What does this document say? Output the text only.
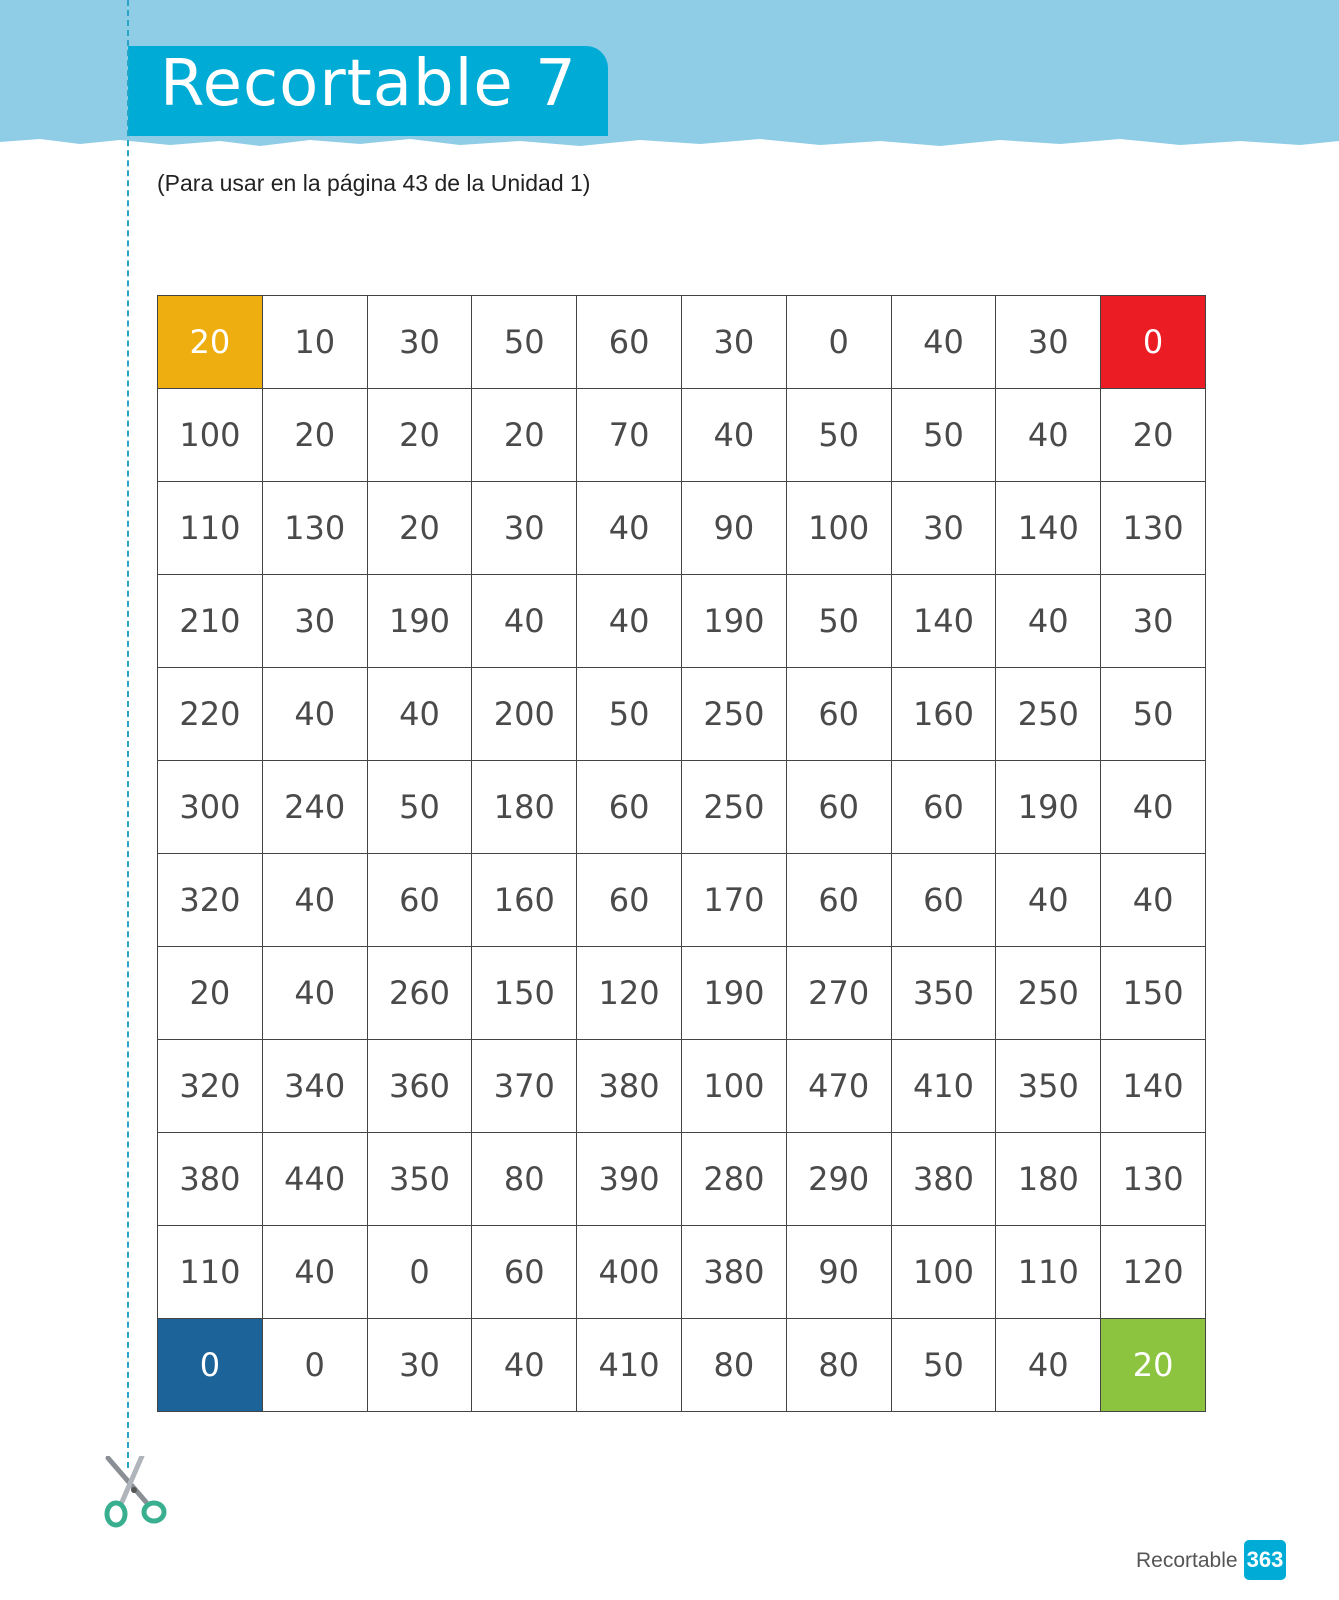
Recortable 7
(Para usar en la página 43 de la Unidad 1)
20	10	30	50	60	30	0	40	30	0
100	20	20	20	70	40	50	50	40	20
110	130	20	30	40	90	100	30	140	130
210	30	190	40	40	190	50	140	40	30
220	40	40	200	50	250	60	160	250	50
300	240	50	180	60	250	60	60	190	40
320	40	60	160	60	170	60	60	40	40
20	40	260	150	120	190	270	350	250	150
320	340	360	370	380	100	470	410	350	140
380	440	350	80	390	280	290	380	180	130
110	40	0	60	400	380	90	100	110	120
0	0	30	40	410	80	80	50	40	20
Recortable 363
